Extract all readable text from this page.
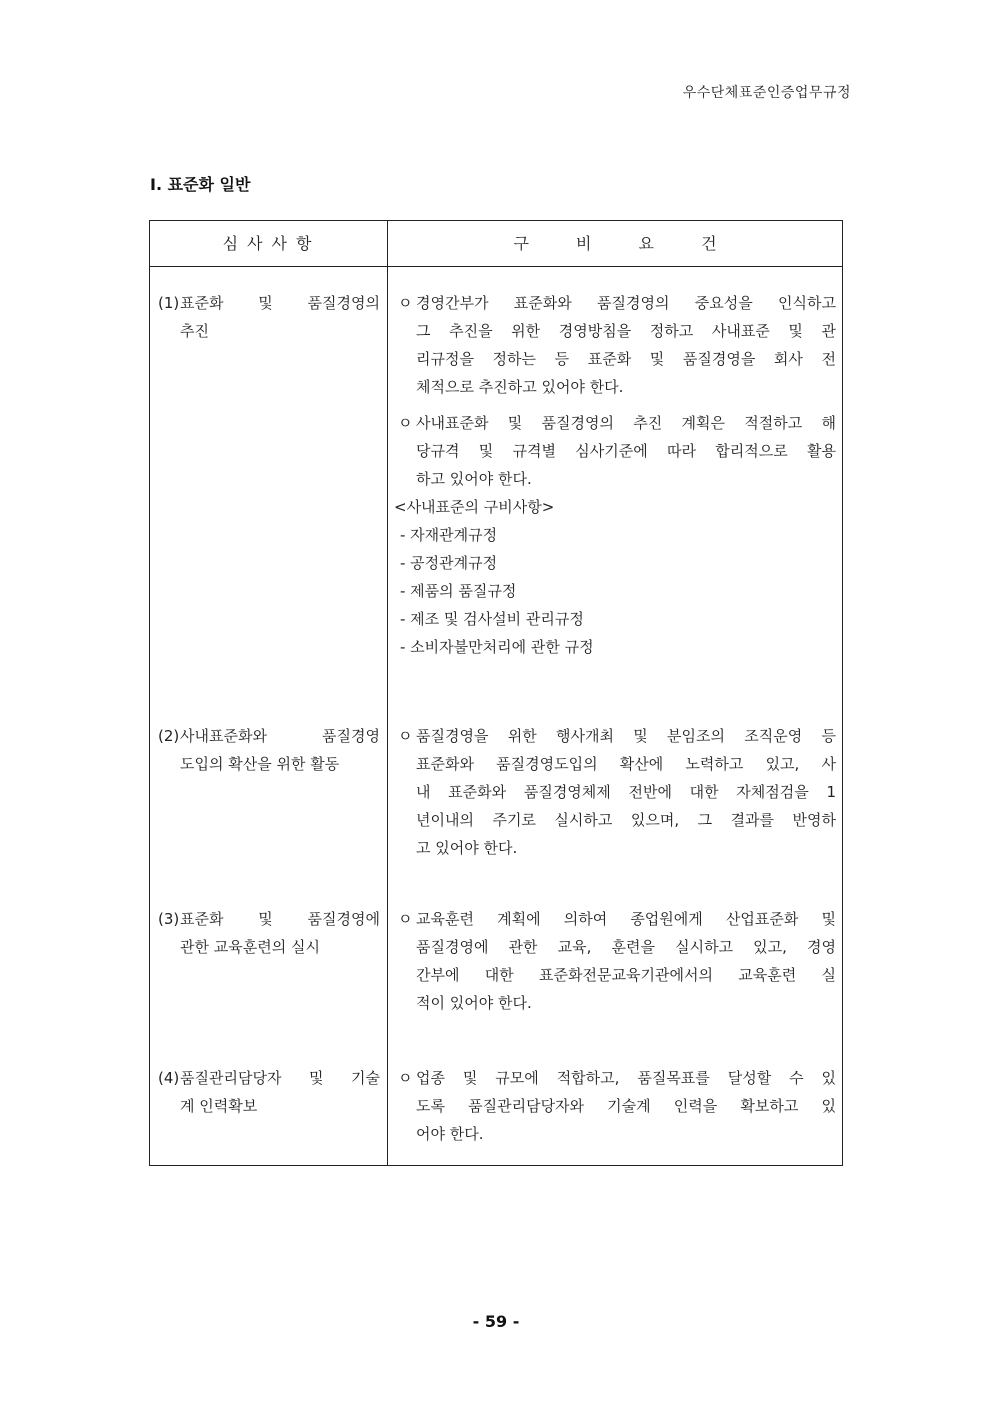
우수단체표준인증업무규정
Ⅰ. 표준화 일반
심사사항	구 비 요 건
(1)표준화 및 품질경영의
추진
ㅇ 경영간부가 표준화와 품질경영의 중요성을 인식하고
그 추진을 위한 경영방침을 정하고 사내표준 및 관
리규정을 정하는 등 표준화 및 품질경영을 회사 전
체적으로 추진하고 있어야 한다.
ㅇ 사내표준화 및 품질경영의 추진 계획은 적절하고 해
당규격 및 규격별 심사기준에 따라 합리적으로 활용
하고 있어야 한다.
<사내표준의 구비사항>
- 자재관계규정
- 공정관계규정
- 제품의 품질규정
- 제조 및 검사설비 관리규정
- 소비자불만처리에 관한 규정
(2)사내표준화와 품질경영
도입의 확산을 위한 활동
ㅇ 품질경영을 위한 행사개최 및 분임조의 조직운영 등
표준화와 품질경영도입의 확산에 노력하고 있고, 사
내 표준화와 품질경영체제 전반에 대한 자체점검을 1
년이내의 주기로 실시하고 있으며, 그 결과를 반영하
고 있어야 한다.
(3)표준화 및 품질경영에
관한 교육훈련의 실시
ㅇ 교육훈련 계획에 의하여 종업원에게 산업표준화 및
품질경영에 관한 교육, 훈련을 실시하고 있고, 경영
간부에 대한 표준화전문교육기관에서의 교육훈련 실
적이 있어야 한다.
(4)품질관리담당자 및 기술
계 인력확보
ㅇ 업종 및 규모에 적합하고, 품질목표를 달성할 수 있
도록 품질관리담당자와 기술계 인력을 확보하고 있
어야 한다.
- 59 -
